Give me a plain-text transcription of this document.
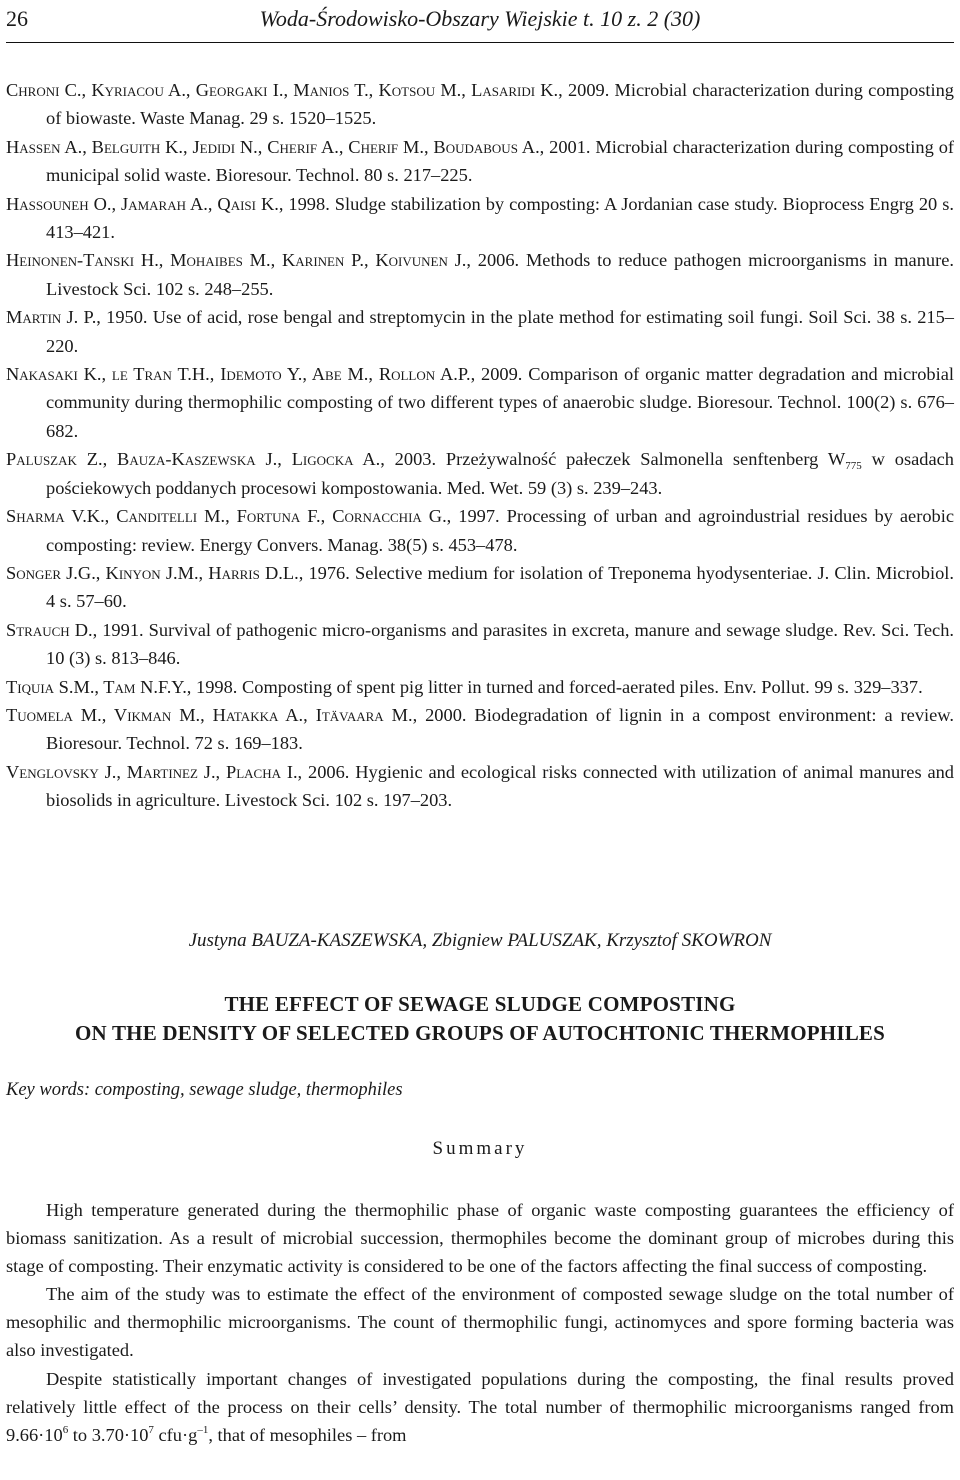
26	Woda-Środowisko-Obszary Wiejskie t. 10 z. 2 (30)
Chroni C., Kyriacou A., Georgaki I., Manios T., Kotsou M., Lasaridi K., 2009. Microbial characterization during composting of biowaste. Waste Manag. 29 s. 1520–1525.
Hassen A., Belguith K., Jedidi N., Cherif A., Cherif M., Boudabous A., 2001. Microbial characterization during composting of municipal solid waste. Bioresour. Technol. 80 s. 217–225.
Hassouneh O., Jamarah A., Qaisi K., 1998. Sludge stabilization by composting: A Jordanian case study. Bioprocess Engrg 20 s. 413–421.
Heinonen-Tanski H., Mohaibes M., Karinen P., Koivunen J., 2006. Methods to reduce pathogen microorganisms in manure. Livestock Sci. 102 s. 248–255.
Martin J. P., 1950. Use of acid, rose bengal and streptomycin in the plate method for estimating soil fungi. Soil Sci. 38 s. 215–220.
Nakasaki K., le Tran T.H., Idemoto Y., Abe M., Rollon A.P., 2009. Comparison of organic matter degradation and microbial community during thermophilic composting of two different types of anaerobic sludge. Bioresour. Technol. 100(2) s. 676–682.
Paluszak Z., Bauza-Kaszewska J., Ligocka A., 2003. Przeżywalność pałeczek Salmonella senftenberg $W_{775}$ w osadach pościekowych poddanych procesowi kompostowania. Med. Wet. 59 (3) s. 239–243.
Sharma V.K., Canditelli M., Fortuna F., Cornacchia G., 1997. Processing of urban and agroindustrial residues by aerobic composting: review. Energy Convers. Manag. 38(5) s. 453–478.
Songer J.G., Kinyon J.M., Harris D.L., 1976. Selective medium for isolation of Treponema hyodysenteriae. J. Clin. Microbiol. 4 s. 57–60.
Strauch D., 1991. Survival of pathogenic micro-organisms and parasites in excreta, manure and sewage sludge. Rev. Sci. Tech. 10 (3) s. 813–846.
Tiquia S.M., Tam N.F.Y., 1998. Composting of spent pig litter in turned and forced-aerated piles. Env. Pollut. 99 s. 329–337.
Tuomela M., Vikman M., Hatakka A., Itävaara M., 2000. Biodegradation of lignin in a compost environment: a review. Bioresour. Technol. 72 s. 169–183.
Venglovsky J., Martinez J., Placha I., 2006. Hygienic and ecological risks connected with utilization of animal manures and biosolids in agriculture. Livestock Sci. 102 s. 197–203.
Justyna BAUZA-KASZEWSKA, Zbigniew PALUSZAK, Krzysztof SKOWRON
THE EFFECT OF SEWAGE SLUDGE COMPOSTING
ON THE DENSITY OF SELECTED GROUPS OF AUTOCHTONIC THERMOPHILES
Key words: composting, sewage sludge, thermophiles
Summary
High temperature generated during the thermophilic phase of organic waste composting guarantees the efficiency of biomass sanitization. As a result of microbial succession, thermophiles become the dominant group of microbes during this stage of composting. Their enzymatic activity is considered to be one of the factors affecting the final success of composting.
The aim of the study was to estimate the effect of the environment of composted sewage sludge on the total number of mesophilic and thermophilic microorganisms. The count of thermophilic fungi, actinomyces and spore forming bacteria was also investigated.
Despite statistically important changes of investigated populations during the composting, the final results proved relatively little effect of the process on their cells’ density. The total number of thermophilic microorganisms ranged from $9.66\cdot 10^6$ to $3.70\cdot 10^7$ $cfu\cdot g^{-1}$, that of mesophiles – from
